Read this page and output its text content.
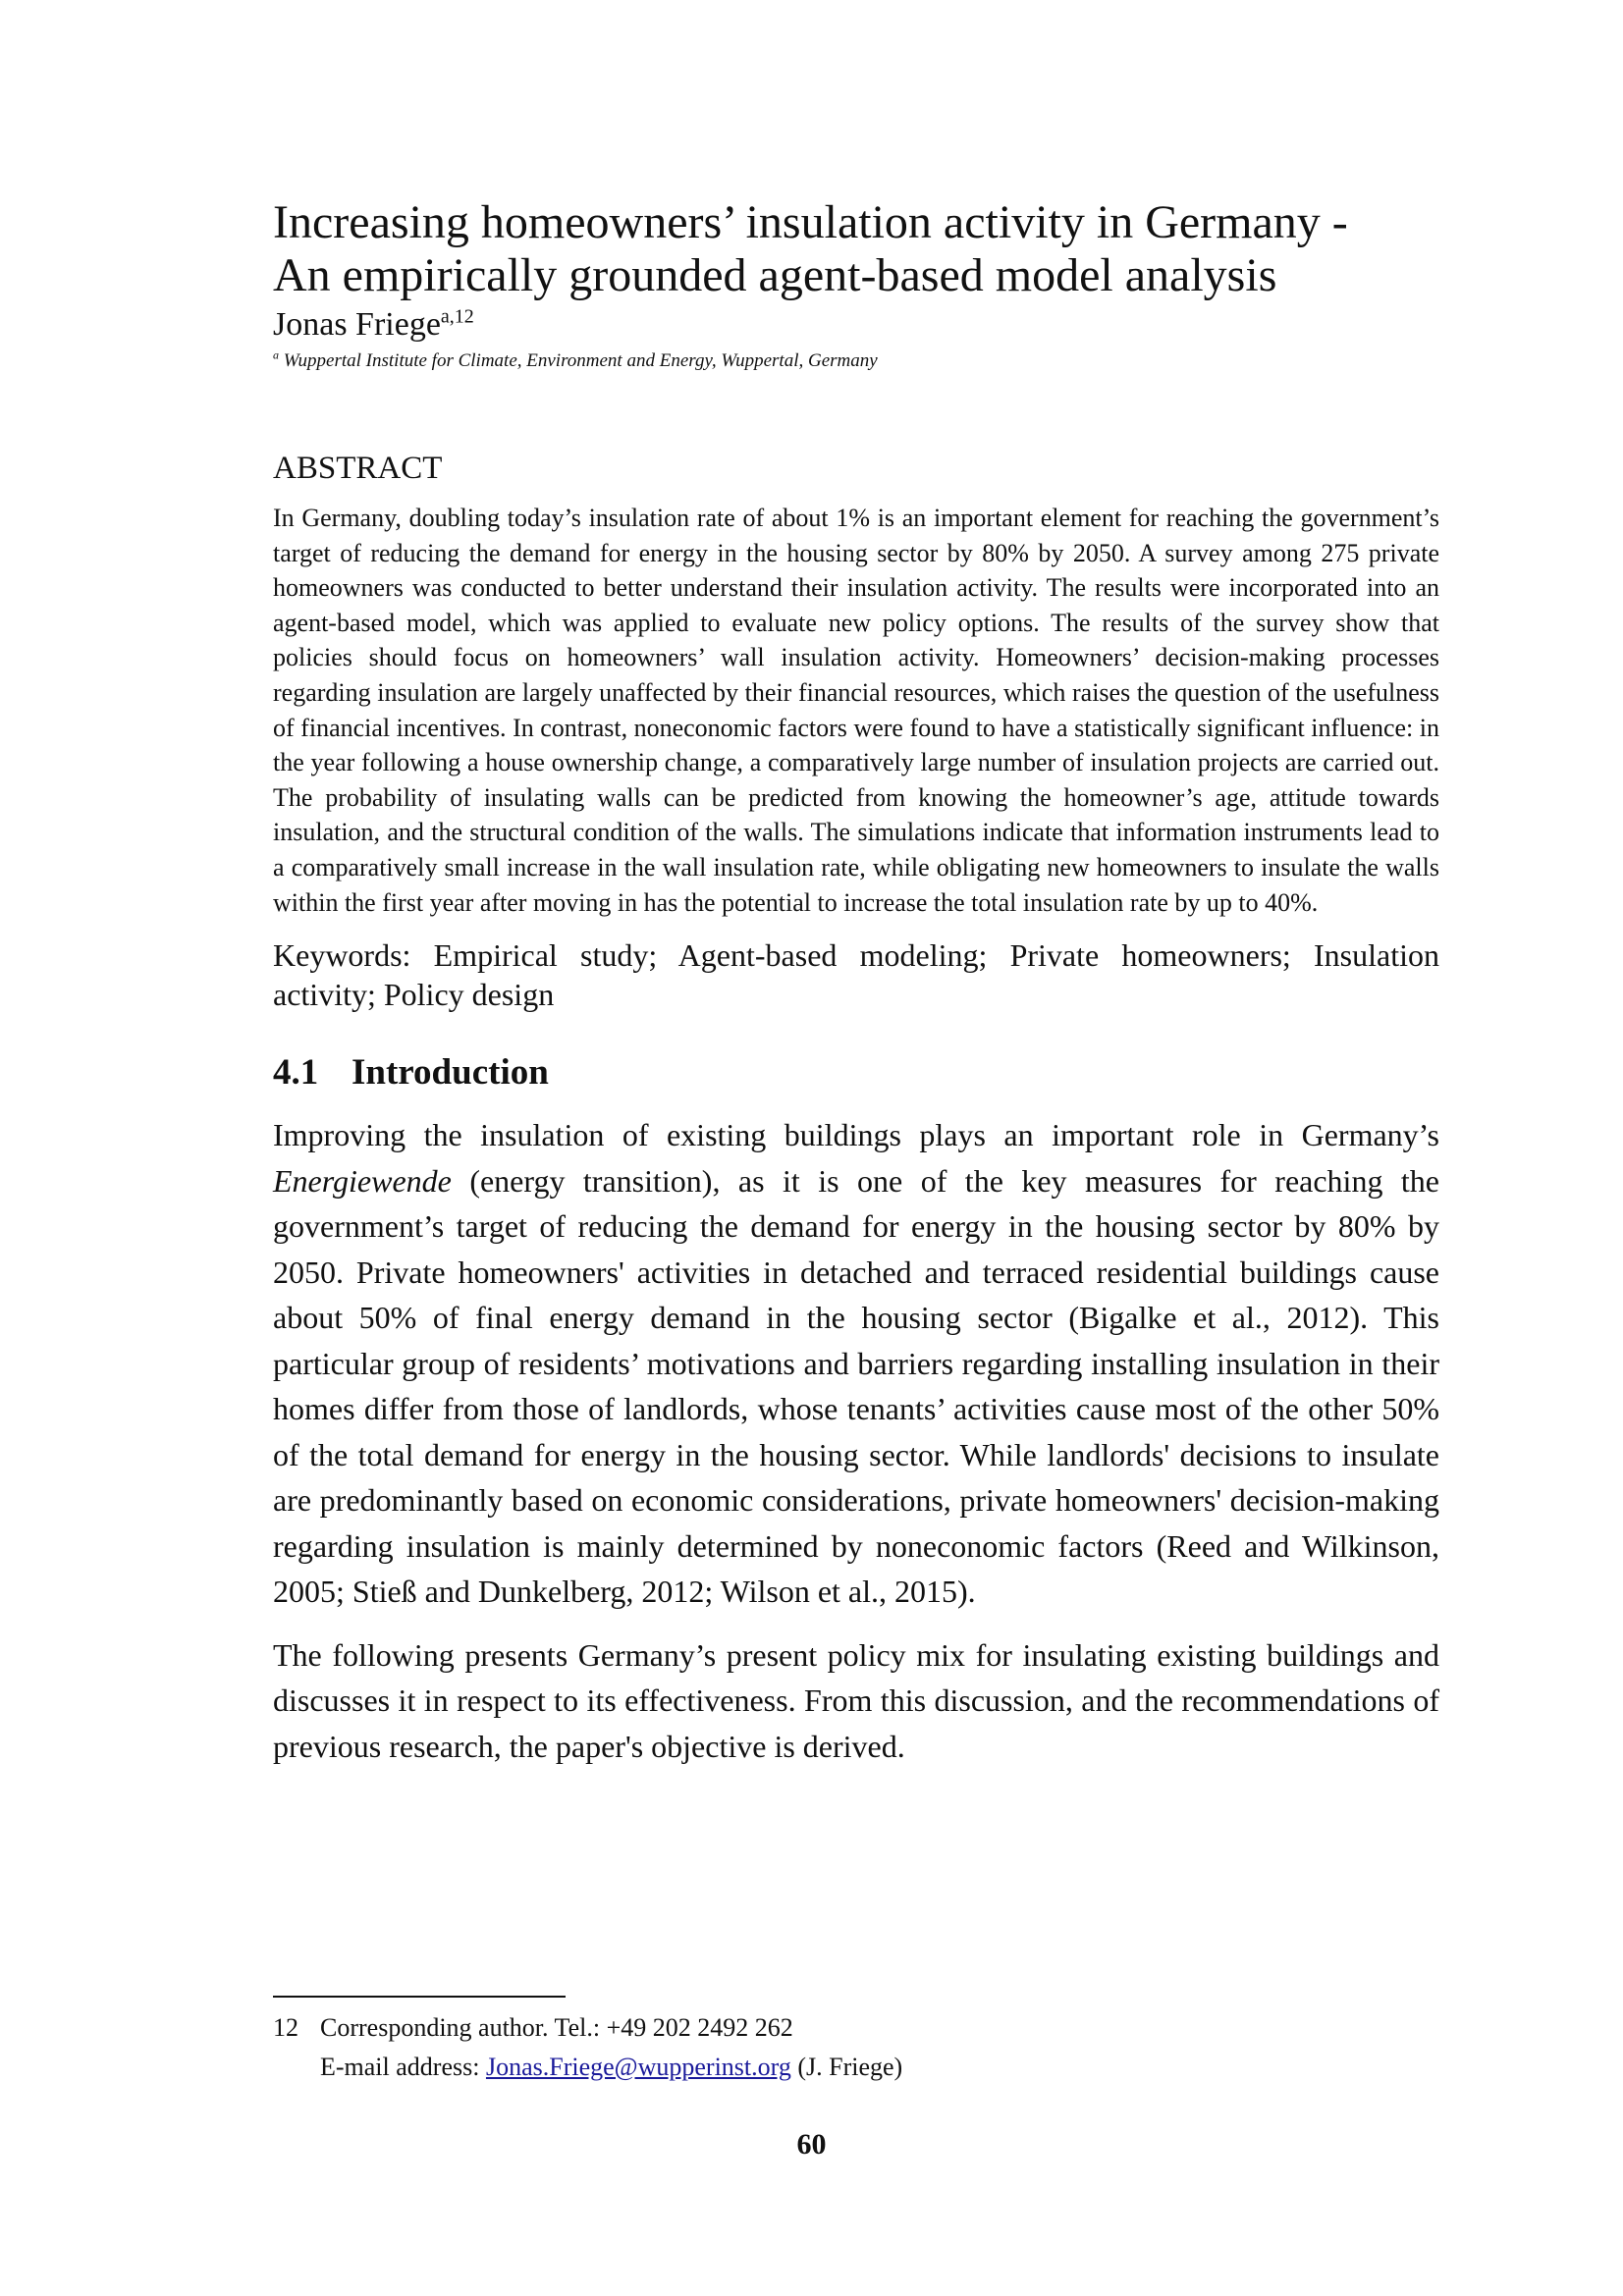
Increasing homeowners’ insulation activity in Germany -
An empirically grounded agent-based model analysis
Jonas Friege$^{a,12}$
$^a$ Wuppertal Institute for Climate, Environment and Energy, Wuppertal, Germany
ABSTRACT
In Germany, doubling today’s insulation rate of about 1% is an important element for reaching the government’s target of reducing the demand for energy in the housing sector by 80% by 2050. A survey among 275 private homeowners was conducted to better understand their insulation activity. The results were incorporated into an agent-based model, which was applied to evaluate new policy options. The results of the survey show that policies should focus on homeowners’ wall insulation activity. Homeowners’ decision-making processes regarding insulation are largely unaffected by their financial resources, which raises the question of the usefulness of financial incentives. In contrast, noneconomic factors were found to have a statistically significant influence: in the year following a house ownership change, a comparatively large number of insulation projects are carried out. The probability of insulating walls can be predicted from knowing the homeowner’s age, attitude towards insulation, and the structural condition of the walls. The simulations indicate that information instruments lead to a comparatively small increase in the wall insulation rate, while obligating new homeowners to insulate the walls within the first year after moving in has the potential to increase the total insulation rate by up to 40%.
Keywords: Empirical study; Agent-based modeling; Private homeowners; Insulation activity; Policy design
4.1 Introduction
Improving the insulation of existing buildings plays an important role in Germany’s Energiewende (energy transition), as it is one of the key measures for reaching the government’s target of reducing the demand for energy in the housing sector by 80% by 2050. Private homeowners' activities in detached and terraced residential buildings cause about 50% of final energy demand in the housing sector (Bigalke et al., 2012). This particular group of residents’ motivations and barriers regarding installing insulation in their homes differ from those of landlords, whose tenants’ activities cause most of the other 50% of the total demand for energy in the housing sector. While landlords' decisions to insulate are predominantly based on economic considerations, private homeowners' decision-making regarding insulation is mainly determined by noneconomic factors (Reed and Wilkinson, 2005; Stieß and Dunkelberg, 2012; Wilson et al., 2015).
The following presents Germany’s present policy mix for insulating existing buildings and discusses it in respect to its effectiveness. From this discussion, and the recommendations of previous research, the paper's objective is derived.
12 Corresponding author. Tel.: +49 202 2492 262
E-mail address: Jonas.Friege@wupperinst.org (J. Friege)
60
